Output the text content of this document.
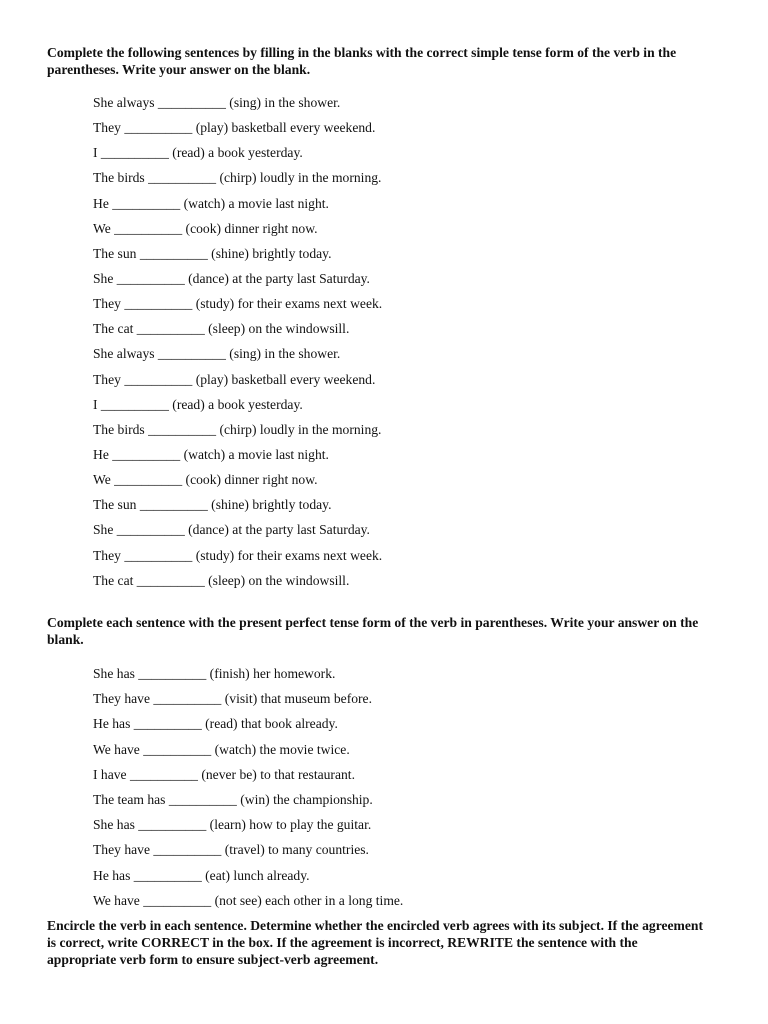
Complete the following sentences by filling in the blanks with the correct simple tense form of the verb in the parentheses. Write your answer on the blank.

She always __________ (sing) in the shower.
They __________ (play) basketball every weekend.
I __________ (read) a book yesterday.
The birds __________ (chirp) loudly in the morning.
He __________ (watch) a movie last night.
We __________ (cook) dinner right now.
The sun __________ (shine) brightly today.
She __________ (dance) at the party last Saturday.
They __________ (study) for their exams next week.
The cat __________ (sleep) on the windowsill.
She always __________ (sing) in the shower.
They __________ (play) basketball every weekend.
I __________ (read) a book yesterday.
The birds __________ (chirp) loudly in the morning.
He __________ (watch) a movie last night.
We __________ (cook) dinner right now.
The sun __________ (shine) brightly today.
She __________ (dance) at the party last Saturday.
They __________ (study) for their exams next week.
The cat __________ (sleep) on the windowsill.

Complete each sentence with the present perfect tense form of the verb in parentheses. Write your answer on the blank.

She has __________ (finish) her homework.
They have __________ (visit) that museum before.
He has __________ (read) that book already.
We have __________ (watch) the movie twice.
I have __________ (never be) to that restaurant.
The team has __________ (win) the championship.
She has __________ (learn) how to play the guitar.
They have __________ (travel) to many countries.
He has __________ (eat) lunch already.
We have __________ (not see) each other in a long time.

Encircle the verb in each sentence. Determine whether the encircled verb agrees with its subject. If the agreement is correct, write CORRECT in the box. If the agreement is incorrect, REWRITE the sentence with the appropriate verb form to ensure subject-verb agreement.
